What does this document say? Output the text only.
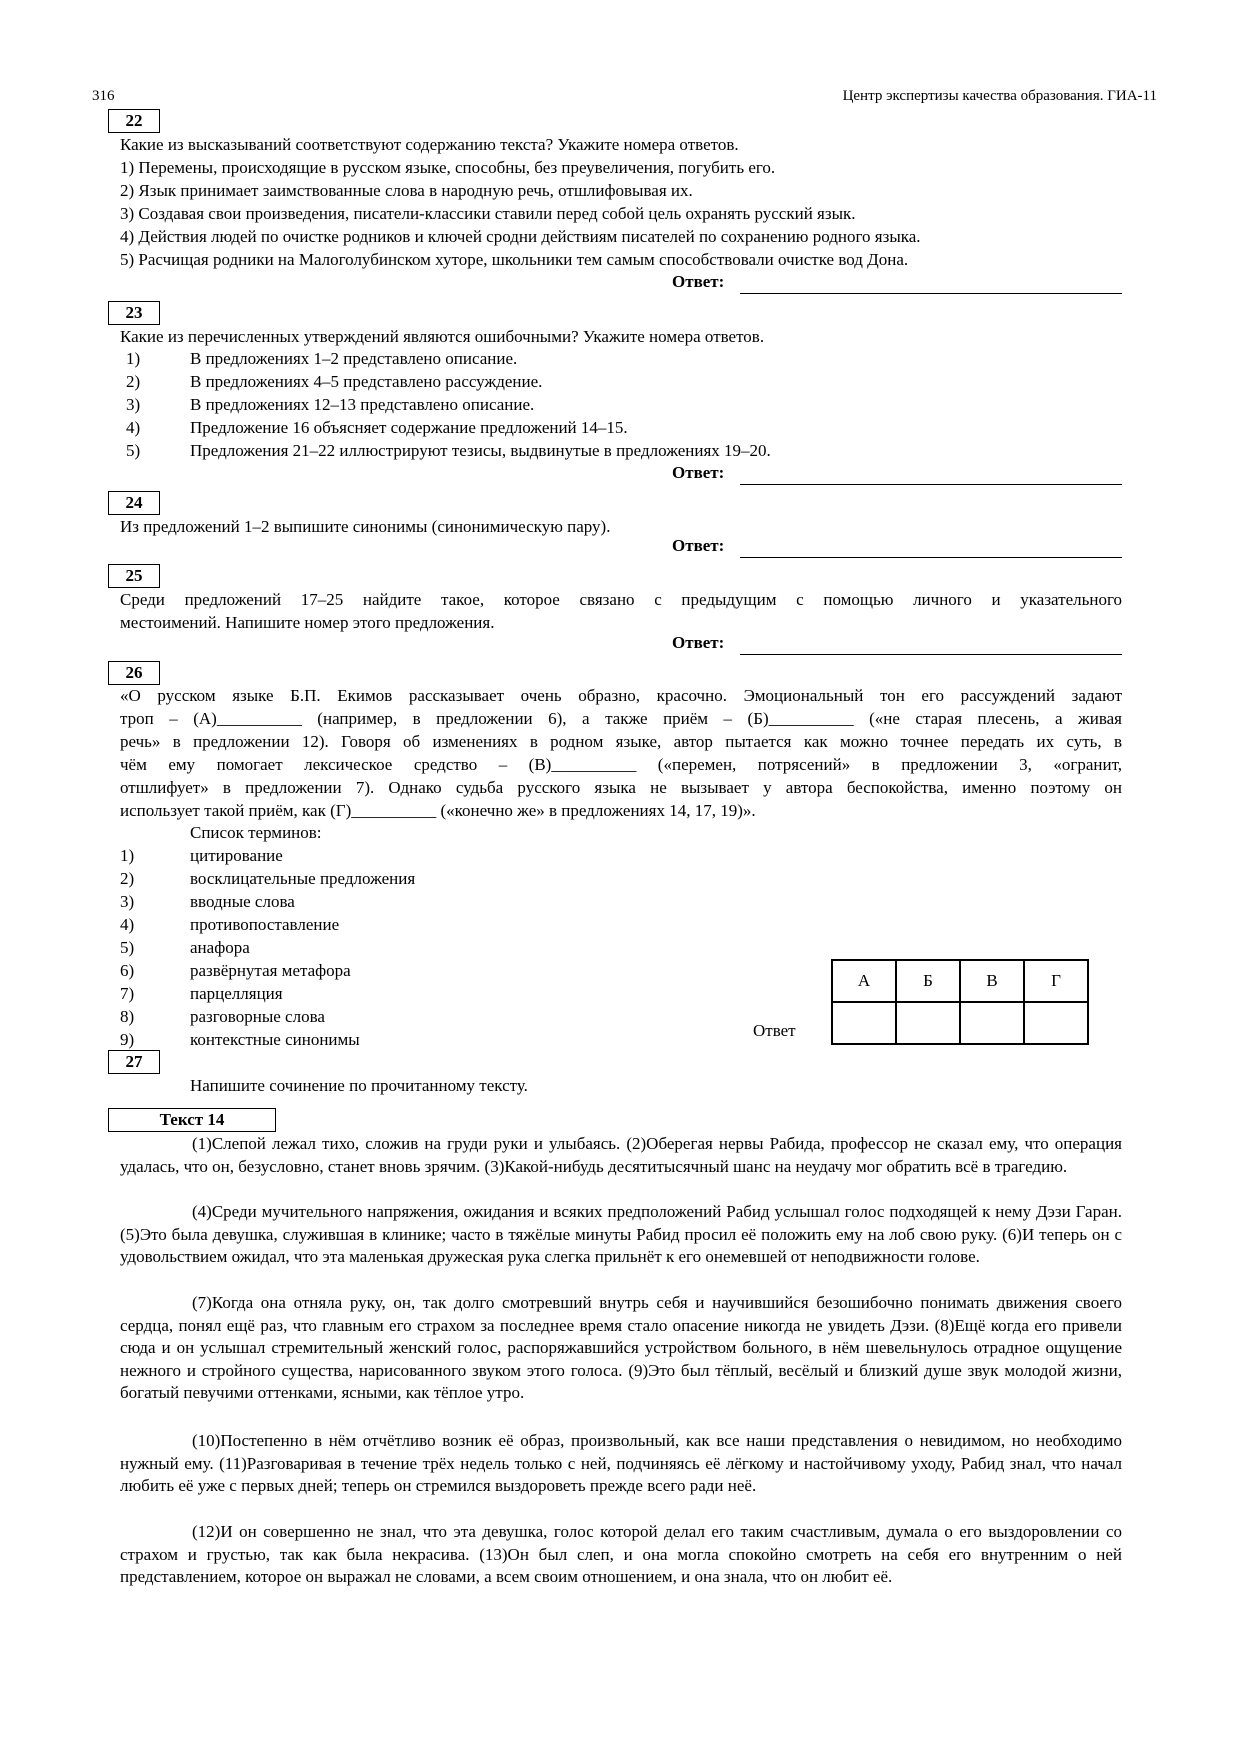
316	Центр экспертизы качества образования. ГИА-11
22
Какие из высказываний соответствуют содержанию текста? Укажите номера ответов.
1) Перемены, происходящие в русском языке, способны, без преувеличения, погубить его.
2) Язык принимает заимствованные слова в народную речь, отшлифовывая их.
3) Создавая свои произведения, писатели-классики ставили перед собой цель охранять русский язык.
4) Действия людей по очистке родников и ключей сродни действиям писателей по сохранению родного языка.
5) Расчищая родники на Малоголубинском хуторе, школьники тем самым способствовали очистке вод Дона.
Ответ:
23
Какие из перечисленных утверждений являются ошибочными? Укажите номера ответов.
1)	В предложениях 1–2 представлено описание.
2)	В предложениях 4–5 представлено рассуждение.
3)	В предложениях 12–13 представлено описание.
4)	Предложение 16 объясняет содержание предложений 14–15.
5)	Предложения 21–22 иллюстрируют тезисы, выдвинутые в предложениях 19–20.
Ответ:
24
Из предложений 1–2 выпишите синонимы (синонимическую пару).
Ответ:
25
Среди предложений 17–25 найдите такое, которое связано с предыдущим с помощью личного и указательного
местоимений. Напишите номер этого предложения.
Ответ:
26
«О русском языке Б.П. Екимов рассказывает очень образно, красочно. Эмоциональный тон его рассуждений задают
троп – (А)__________ (например, в предложении 6), а также приём – (Б)__________ («не старая плесень, а живая
речь» в предложении 12). Говоря об изменениях в родном языке, автор пытается как можно точнее передать их суть, в
чём ему помогает лексическое средство – (В)__________ («перемен, потрясений» в предложении 3, «огранит,
отшлифует» в предложении 7). Однако судьба русского языка не вызывает у автора беспокойства, именно поэтому он
использует такой приём, как (Г)__________ («конечно же» в предложениях 14, 17, 19)».
Список терминов:
1)	цитирование
2)	восклицательные предложения
3)	вводные слова
4)	противопоставление
5)	анафора
6)	развёрнутая метафора
7)	парцелляция
8)	разговорные слова
9)	контекстные синонимы	Ответ
А	Б	В	Г

27
Напишите сочинение по прочитанному тексту.
Текст 14
(1)Слепой лежал тихо, сложив на груди руки и улыбаясь. (2)Оберегая нервы Рабида, профессор не сказал ему, что операция удалась, что он, безусловно, станет вновь зрячим. (3)Какой-нибудь десятитысячный шанс на неудачу мог обратить всё в трагедию.
(4)Среди мучительного напряжения, ожидания и всяких предположений Рабид услышал голос подходящей к нему Дэзи Гаран. (5)Это была девушка, служившая в клинике; часто в тяжёлые минуты Рабид просил её положить ему на лоб свою руку. (6)И теперь он с удовольствием ожидал, что эта маленькая дружеская рука слегка прильнёт к его онемевшей от неподвижности голове.
(7)Когда она отняла руку, он, так долго смотревший внутрь себя и научившийся безошибочно понимать движения своего сердца, понял ещё раз, что главным его страхом за последнее время стало опасение никогда не увидеть Дэзи. (8)Ещё когда его привели сюда и он услышал стремительный женский голос, распоряжавшийся устройством больного, в нём шевельнулось отрадное ощущение нежного и стройного существа, нарисованного звуком этого голоса. (9)Это был тёплый, весёлый и близкий душе звук молодой жизни, богатый певучими оттенками, ясными, как тёплое утро.
(10)Постепенно в нём отчётливо возник её образ, произвольный, как все наши представления о невидимом, но необходимо нужный ему. (11)Разговаривая в течение трёх недель только с ней, подчиняясь её лёгкому и настойчивому уходу, Рабид знал, что начал любить её уже с первых дней; теперь он стремился выздороветь прежде всего ради неё.
(12)И он совершенно не знал, что эта девушка, голос которой делал его таким счастливым, думала о его выздоровлении со страхом и грустью, так как была некрасива. (13)Он был слеп, и она могла спокойно смотреть на себя его внутренним о ней представлением, которое он выражал не словами, а всем своим отношением, и она знала, что он любит её.
